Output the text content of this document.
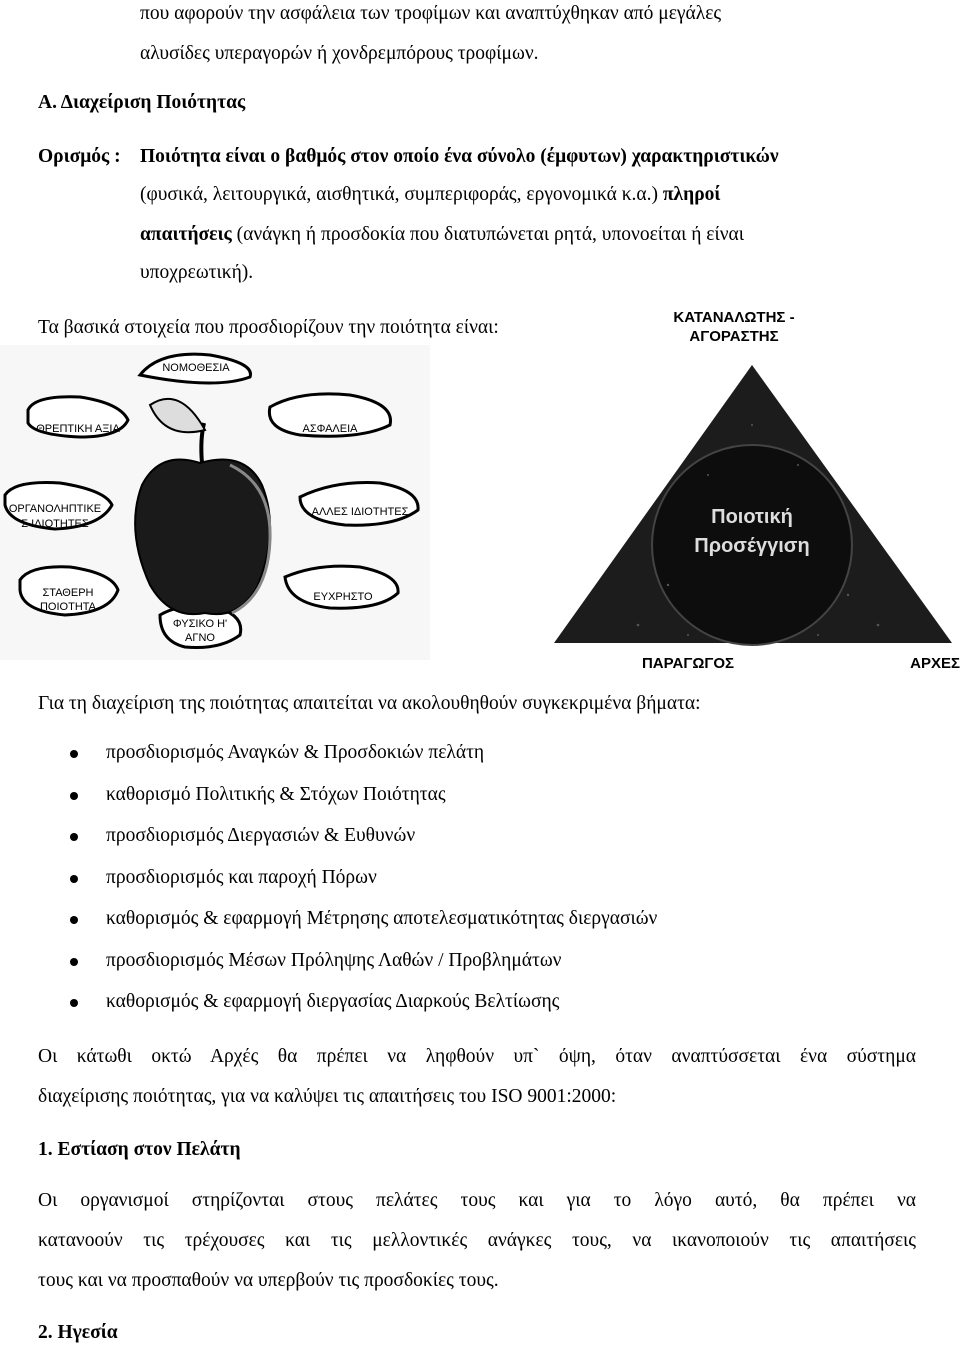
που αφορούν την ασφάλεια των τροφίμων και αναπτύχθηκαν από μεγάλες
αλυσίδες υπεραγορών ή χονδρεμπόρους τροφίμων.
Α. Διαχείριση Ποιότητας
Ορισμός : Ποιότητα είναι ο βαθμός στον οποίο ένα σύνολο (έμφυτων) χαρακτηριστικών
(φυσικά, λειτουργικά, αισθητικά, συμπεριφοράς, εργονομικά κ.α.) πληροί
απαιτήσεις (ανάγκη ή προσδοκία που διατυπώνεται ρητά, υπονοείται ή είναι
υποχρεωτική).
Τα βασικά στοιχεία που προσδιορίζουν την ποιότητα είναι:
ΝΟΜΟΘΕΣΙΑ
ΘΡΕΠΤΙΚΗ ΑΞΙΑ	ΑΣΦΑΛΕΙΑ
ΟΡΓΑΝΟΛΗΠΤΙΚΕ
Σ ΙΔΙΟΤΗΤΕΣ
ΑΛΛΕΣ ΙΔΙΟΤΗΤΕΣ
ΣΤΑΘΕΡΗ
ΠΟΙΟΤΗΤΑ
ΕΥΧΡΗΣΤΟ
ΦΥΣΙΚΟ Η'
ΑΓΝΟ
ΚΑΤΑΝΑΛΩΤΗΣ -
ΑΓΟΡΑΣΤΗΣ
Ποιοτική
Προσέγγιση
ΠΑΡΑΓΩΓΟΣ	ΑΡΧΕΣ
Για τη διαχείριση της ποιότητας απαιτείται να ακολουθηθούν συγκεκριμένα βήματα:
προσδιορισμός Αναγκών & Προσδοκιών πελάτη
καθορισμό Πολιτικής & Στόχων Ποιότητας
προσδιορισμός Διεργασιών & Ευθυνών
προσδιορισμός και παροχή Πόρων
καθορισμός & εφαρμογή Μέτρησης αποτελεσματικότητας διεργασιών
προσδιορισμός Μέσων Πρόληψης Λαθών / Προβλημάτων
καθορισμός & εφαρμογή διεργασίας Διαρκούς Βελτίωσης
Οι κάτωθι οκτώ Αρχές θα πρέπει να ληφθούν υπ` όψη, όταν αναπτύσσεται ένα σύστημα
διαχείρισης ποιότητας, για να καλύψει τις απαιτήσεις του ISO 9001:2000:
1. Εστίαση στον Πελάτη
Οι οργανισμοί στηρίζονται στους πελάτες τους και για το λόγο αυτό, θα πρέπει να
κατανοούν τις τρέχουσες και τις μελλοντικές ανάγκες τους, να ικανοποιούν τις απαιτήσεις
τους και να προσπαθούν να υπερβούν τις προσδοκίες τους.
2. Ηγεσία
